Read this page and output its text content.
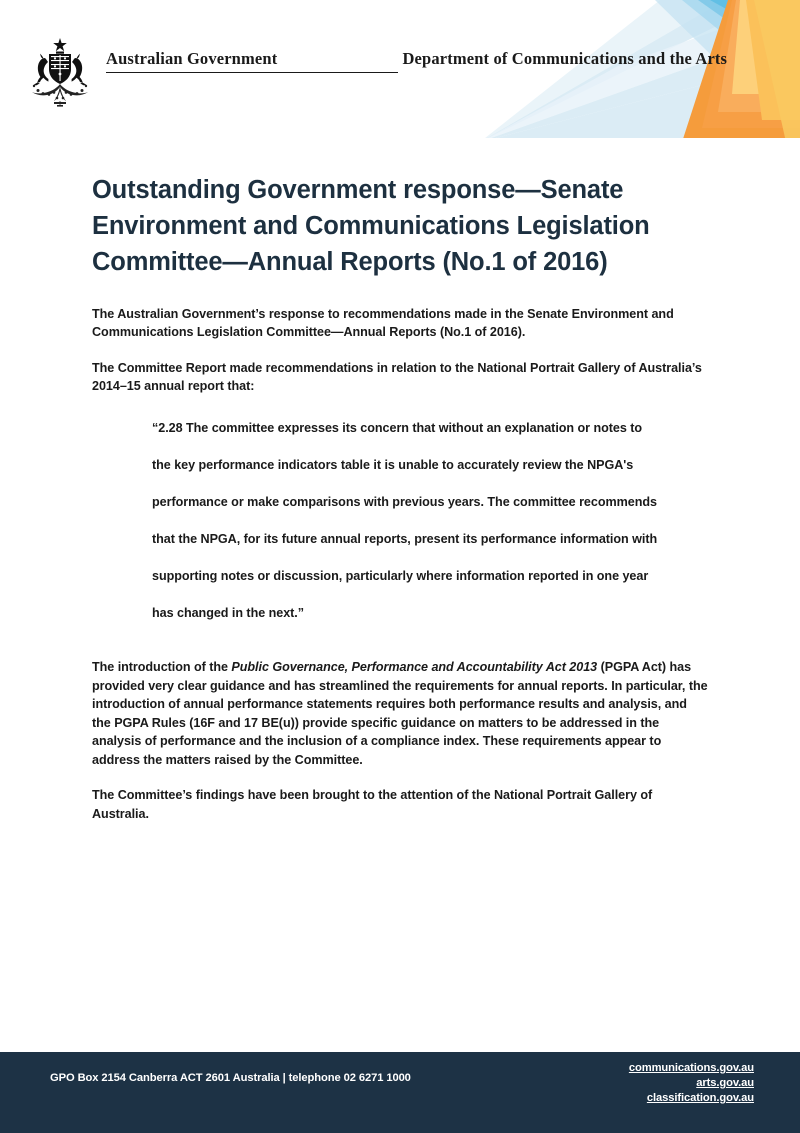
Australian Government	Department of Communications and the Arts
Outstanding Government response—Senate Environment and Communications Legislation Committee—Annual Reports (No.1 of 2016)

The Australian Government’s response to recommendations made in the Senate Environment and Communications Legislation Committee—Annual Reports (No.1 of 2016).

The Committee Report made recommendations in relation to the National Portrait Gallery of Australia’s 2014–15 annual report that:

“2.28 The committee expresses its concern that without an explanation or notes to
the key performance indicators table it is unable to accurately review the NPGA's
performance or make comparisons with previous years. The committee recommends
that the NPGA, for its future annual reports, present its performance information with
supporting notes or discussion, particularly where information reported in one year
has changed in the next.”

The introduction of the Public Governance, Performance and Accountability Act 2013 (PGPA Act) has provided very clear guidance and has streamlined the requirements for annual reports. In particular, the introduction of annual performance statements requires both performance results and analysis, and the PGPA Rules (16F and 17 BE(u)) provide specific guidance on matters to be addressed in the analysis of performance and the inclusion of a compliance index. These requirements appear to address the matters raised by the Committee.

The Committee’s findings have been brought to the attention of the National Portrait Gallery of Australia.

GPO Box 2154 Canberra ACT 2601 Australia | telephone 02 6271 1000
communications.gov.au
arts.gov.au
classification.gov.au
